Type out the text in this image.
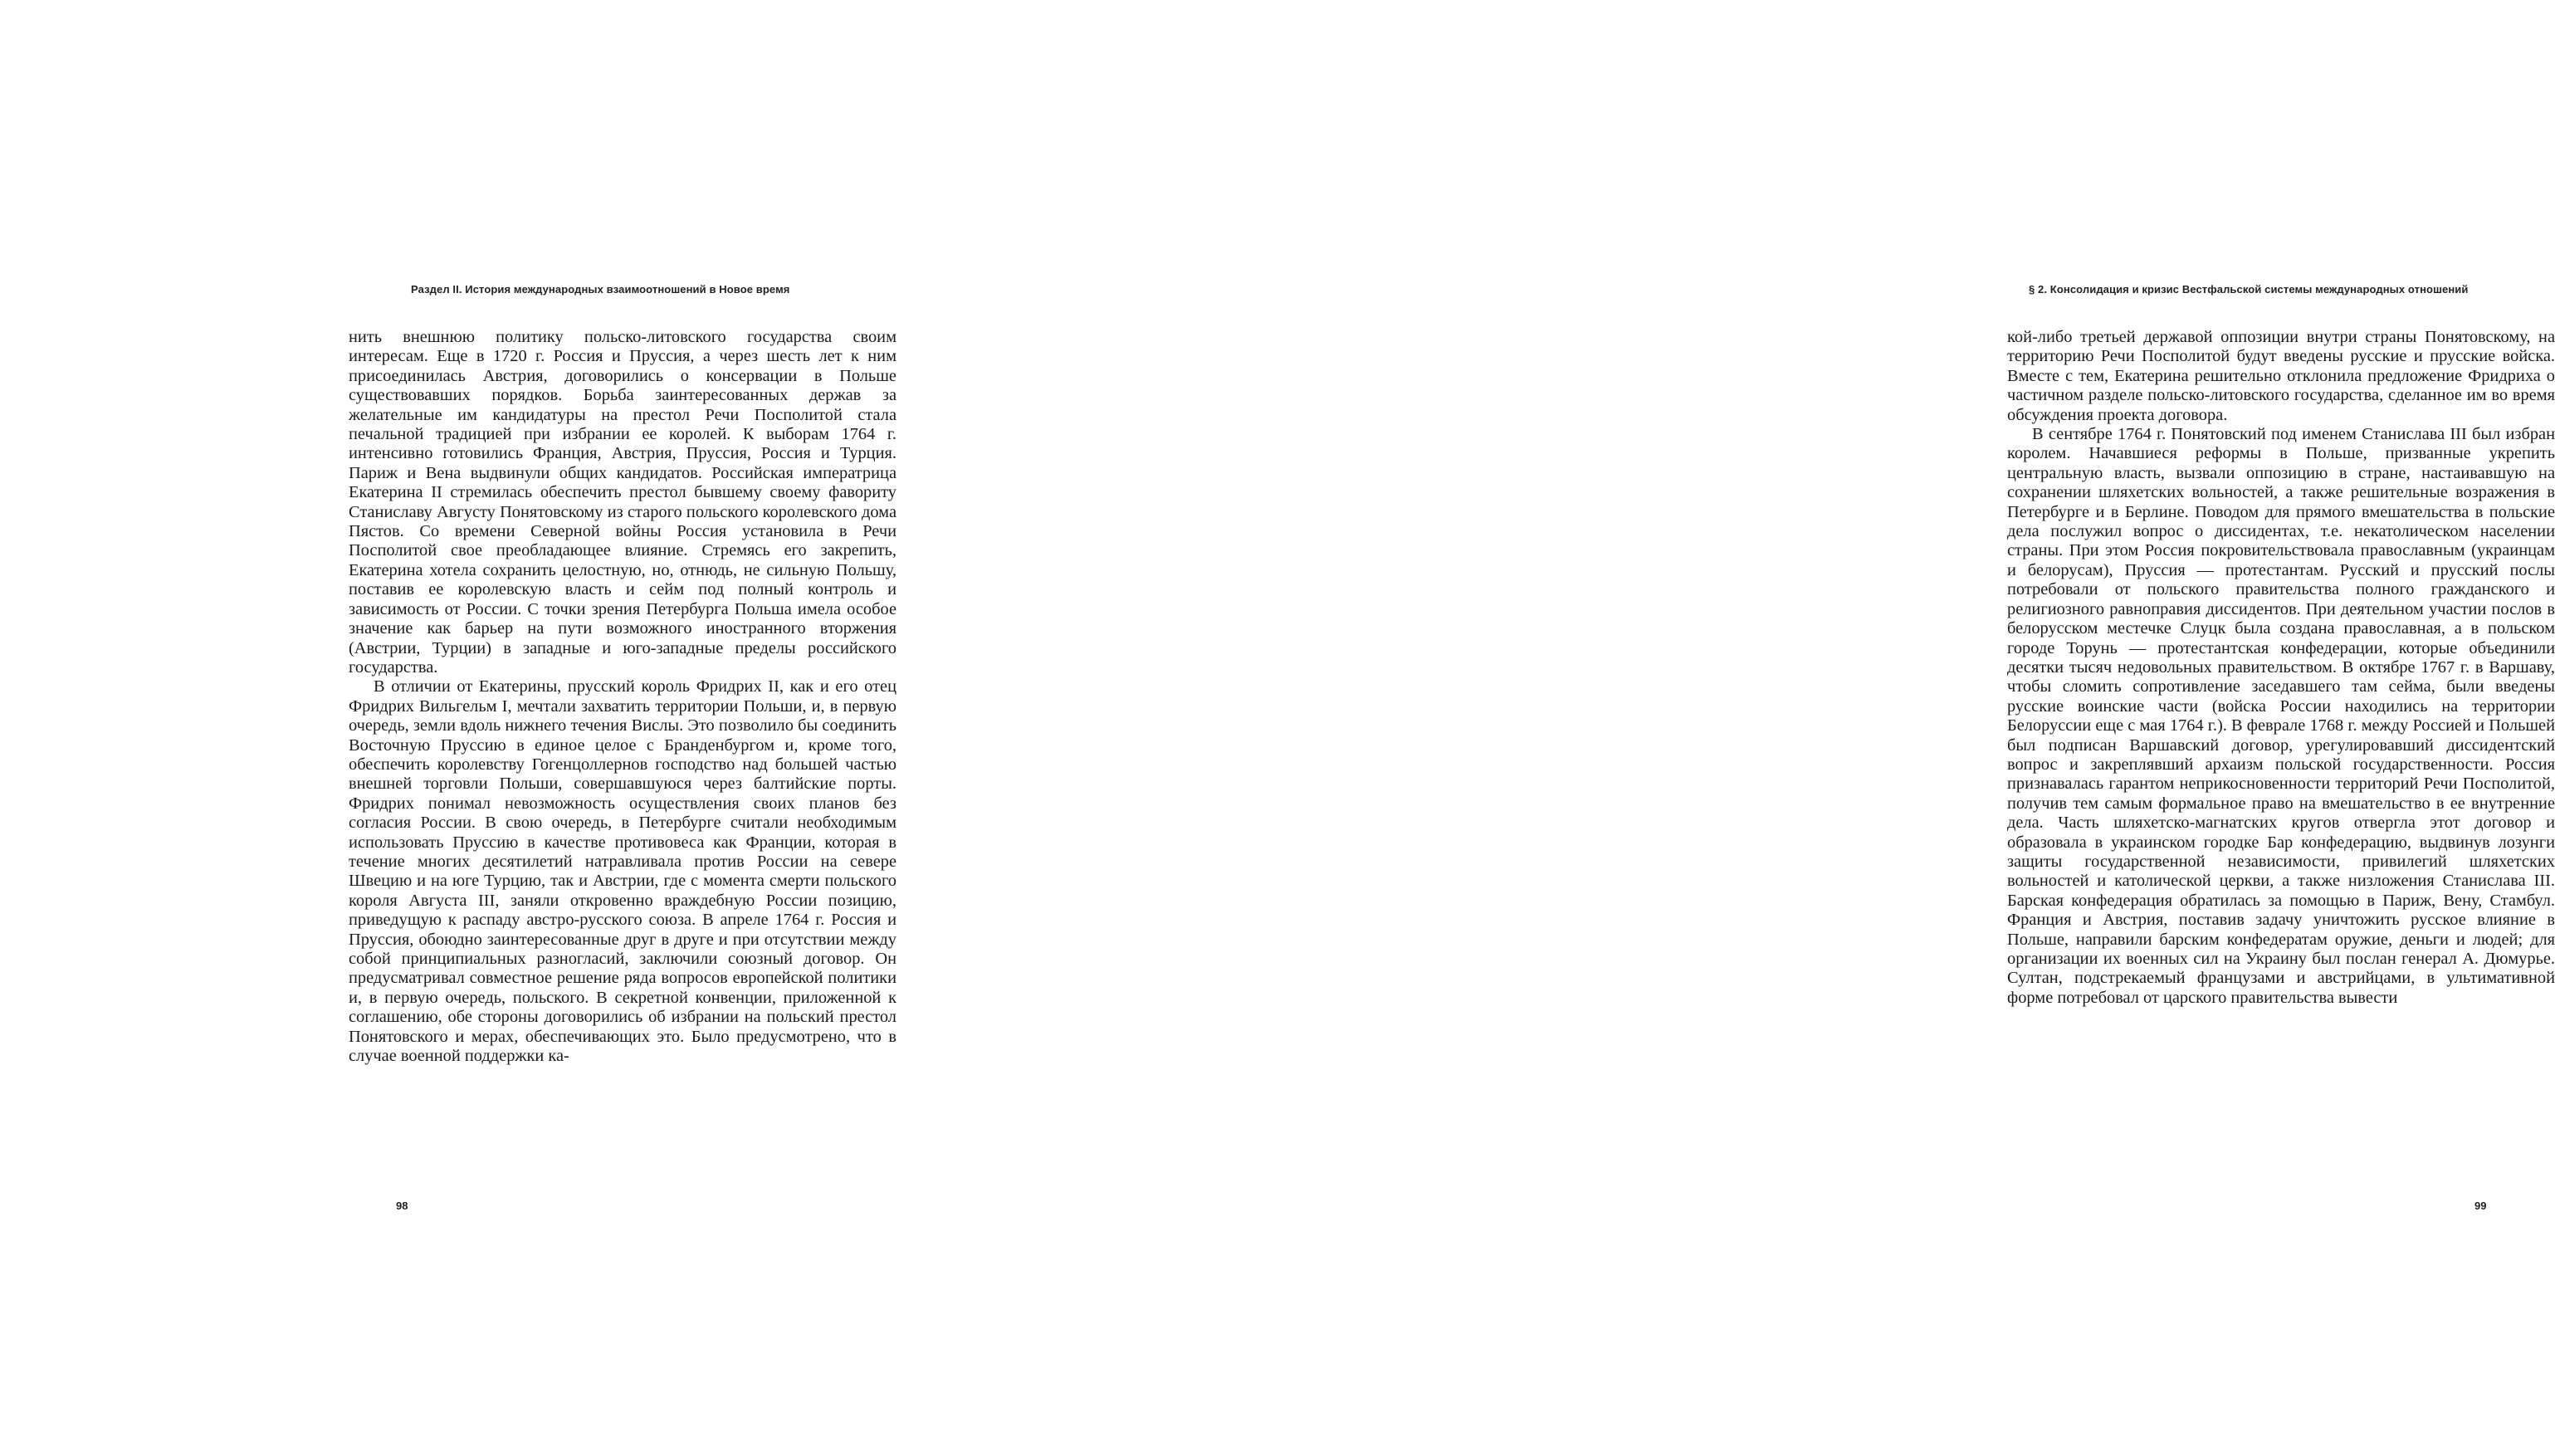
Раздел II. История международных взаимоотношений в Новое время

нить внешнюю политику польско-литовского государства своим интересам. Еще в 1720 г. Россия и Пруссия, а через шесть лет к ним присоединилась Австрия, договорились о консервации в Польше существовавших порядков. Борьба заинтересованных держав за желательные им кандидатуры на престол Речи Посполитой стала печальной традицией при избрании ее королей. К выборам 1764 г. интенсивно готовились Франция, Австрия, Пруссия, Россия и Турция. Париж и Вена выдвинули общих кандидатов. Российская императрица Екатерина II стремилась обеспечить престол бывшему своему фавориту Станиславу Августу Понятовскому из старого польского королевского дома Пястов. Со времени Северной войны Россия установила в Речи Посполитой свое преобладающее влияние. Стремясь его закрепить, Екатерина хотела сохранить целостную, но, отнюдь, не сильную Польшу, поставив ее королевскую власть и сейм под полный контроль и зависимость от России. С точки зрения Петербурга Польша имела особое значение как барьер на пути возможного иностранного вторжения (Австрии, Турции) в западные и юго-западные пределы российского государства.

В отличии от Екатерины, прусский король Фридрих II, как и его отец Фридрих Вильгельм I, мечтали захватить территории Польши, и, в первую очередь, земли вдоль нижнего течения Вислы. Это позволило бы соединить Восточную Пруссию в единое целое с Бранденбургом и, кроме того, обеспечить королевству Гогенцоллернов господство над большей частью внешней торговли Польши, совершавшуюся через балтийские порты. Фридрих понимал невозможность осуществления своих планов без согласия России. В свою очередь, в Петербурге считали необходимым использовать Пруссию в качестве противовеса как Франции, которая в течение многих десятилетий натравливала против России на севере Швецию и на юге Турцию, так и Австрии, где с момента смерти польского короля Августа III, заняли откровенно враждебную России позицию, приведущую к распаду австро-русского союза. В апреле 1764 г. Россия и Пруссия, обоюдно заинтересованные друг в друге и при отсутствии между собой принципиальных разногласий, заключили союзный договор. Он предусматривал совместное решение ряда вопросов европейской политики и, в первую очередь, польского. В секретной конвенции, приложенной к соглашению, обе стороны договорились об избрании на польский престол Понятовского и мерах, обеспечивающих это. Было предусмотрено, что в случае военной поддержки ка-

98
§ 2. Консолидация и кризис Вестфальской системы международных отношений

кой-либо третьей державой оппозиции внутри страны Понятовскому, на территорию Речи Посполитой будут введены русские и прусские войска. Вместе с тем, Екатерина решительно отклонила предложение Фридриха о частичном разделе польско-литовского государства, сделанное им во время обсуждения проекта договора.

В сентябре 1764 г. Понятовский под именем Станислава III был избран королем. Начавшиеся реформы в Польше, призванные укрепить центральную власть, вызвали оппозицию в стране, настаивавшую на сохранении шляхетских вольностей, а также решительные возражения в Петербурге и в Берлине. Поводом для прямого вмешательства в польские дела послужил вопрос о диссидентах, т.е. некатолическом населении страны. При этом Россия покровительствовала православным (украинцам и белорусам), Пруссия — протестантам. Русский и прусский послы потребовали от польского правительства полного гражданского и религиозного равноправия диссидентов. При деятельном участии послов в белорусском местечке Слуцк была создана православная, а в польском городе Торунь — протестантская конфедерации, которые объединили десятки тысяч недовольных правительством. В октябре 1767 г. в Варшаву, чтобы сломить сопротивление заседавшего там сейма, были введены русские воинские части (войска России находились на территории Белоруссии еще с мая 1764 г.). В феврале 1768 г. между Россией и Польшей был подписан Варшавский договор, урегулировавший диссидентский вопрос и закреплявший архаизм польской государственности. Россия признавалась гарантом неприкосновенности территорий Речи Посполитой, получив тем самым формальное право на вмешательство в ее внутренние дела. Часть шляхетско-магнатских кругов отвергла этот договор и образовала в украинском городке Бар конфедерацию, выдвинув лозунги защиты государственной независимости, привилегий шляхетских вольностей и католической церкви, а также низложения Станислава III. Барская конфедерация обратилась за помощью в Париж, Вену, Стамбул. Франция и Австрия, поставив задачу уничтожить русское влияние в Польше, направили барским конфедератам оружие, деньги и людей; для организации их военных сил на Украину был послан генерал А. Дюмурье. Султан, подстрекаемый французами и австрийцами, в ультимативной форме потребовал от царского правительства вывести

99
